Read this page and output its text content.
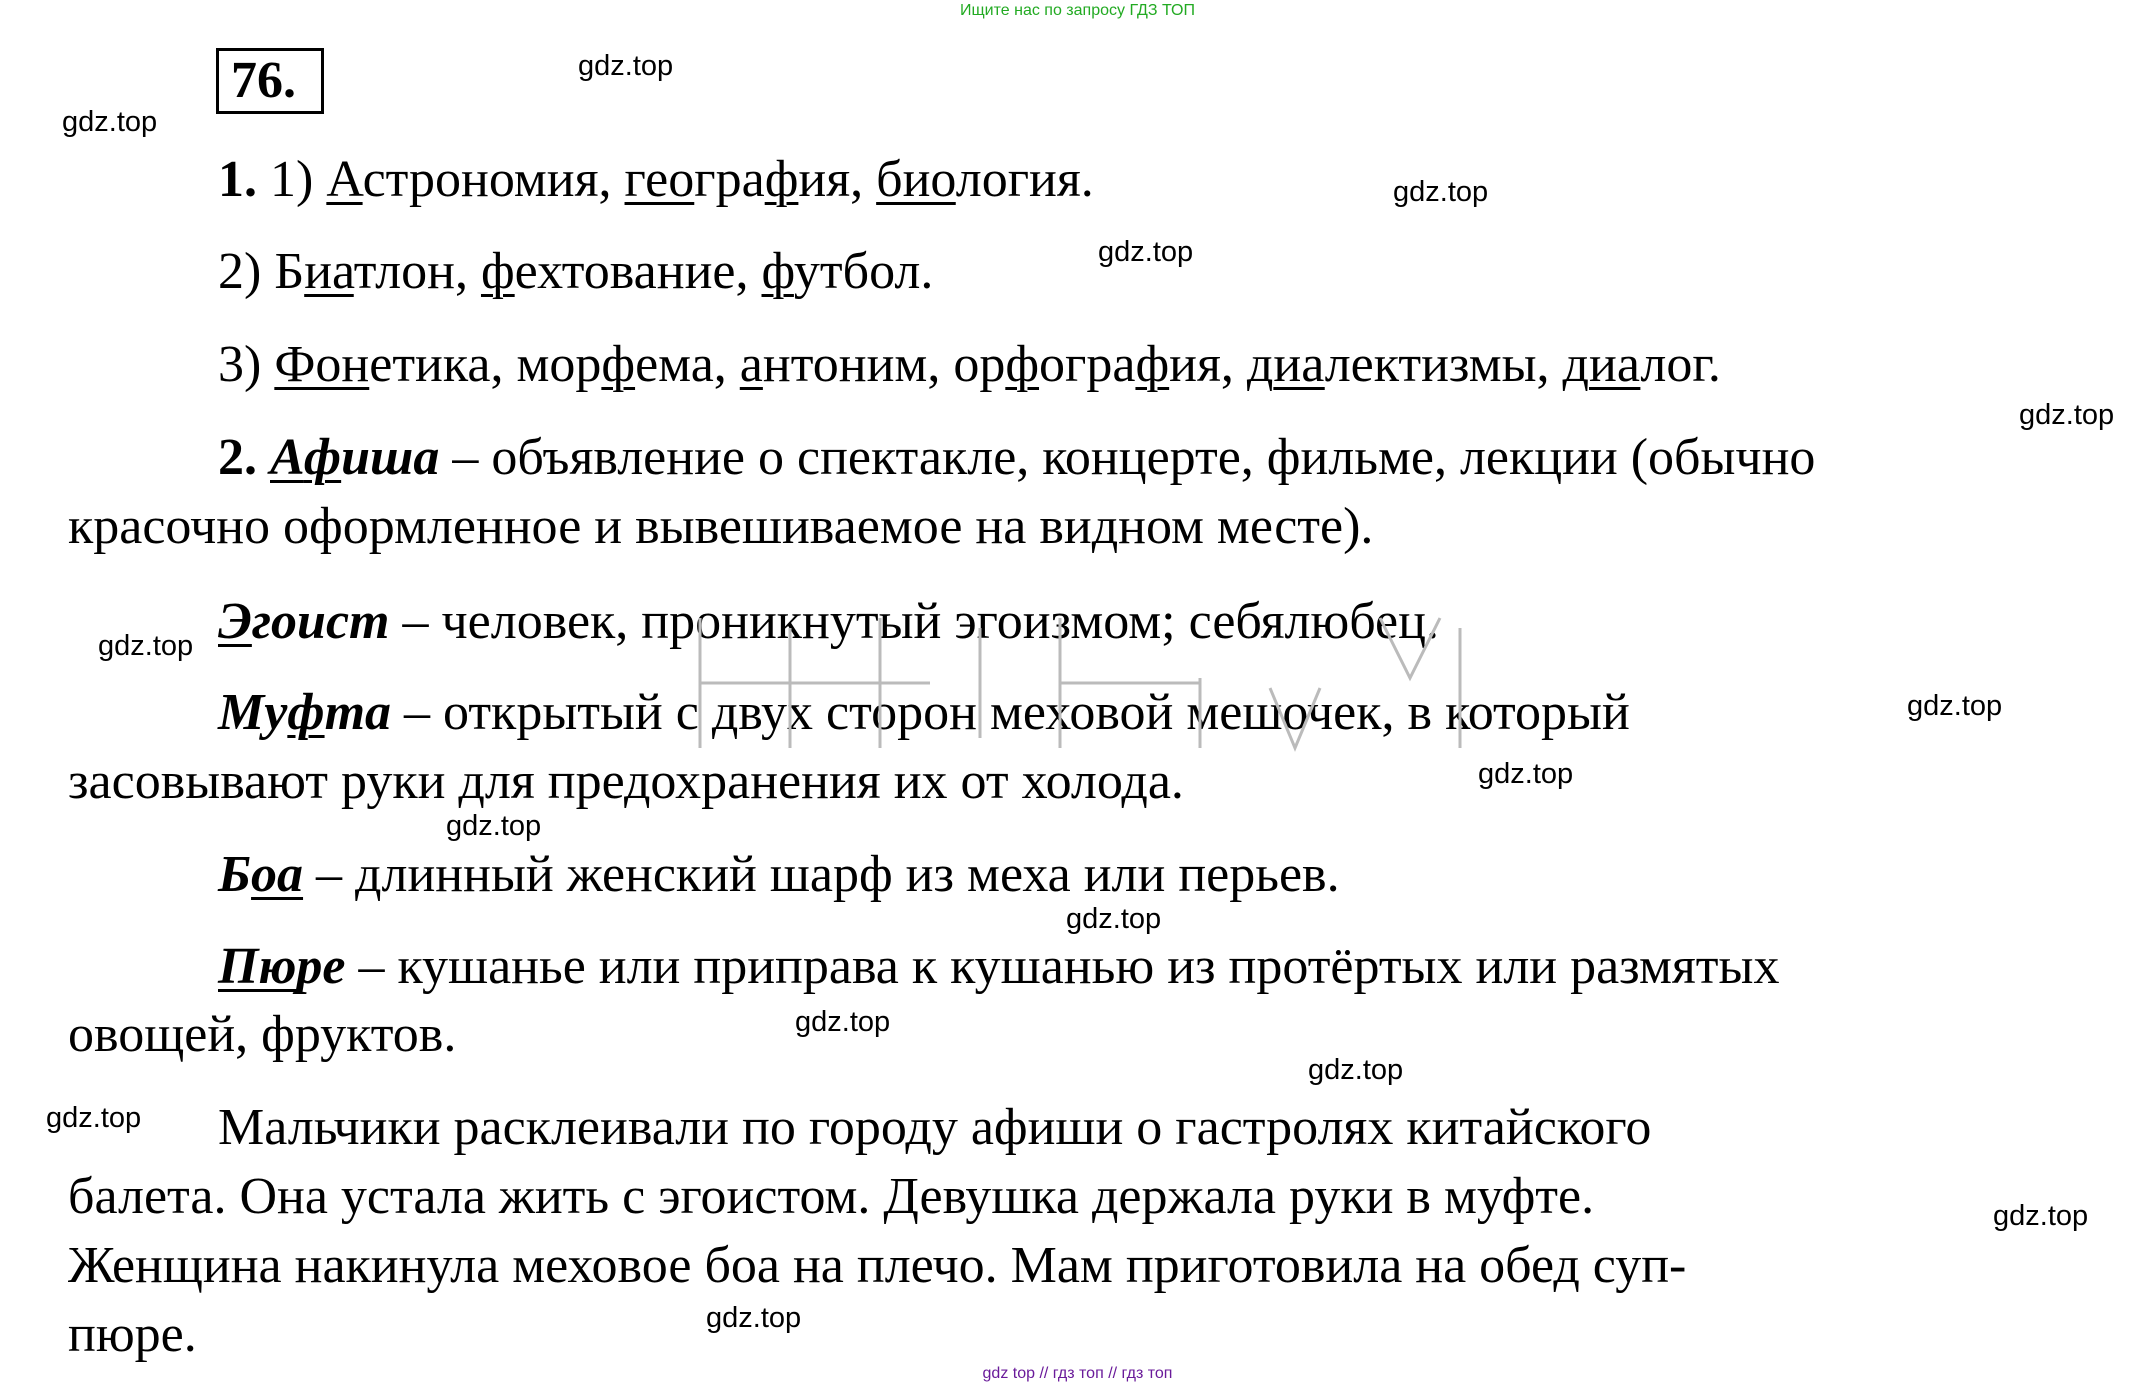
Ищите нас по запросу ГДЗ ТОП
76.
1. 1) Астрономия, география, биология.
2) Биатлон, фехтование, футбол.
3) Фонетика, морфема, антоним, орфография, диалектизмы, диалог.
2. Афиша – объявление о спектакле, концерте, фильме, лекции (обычно
красочно оформленное и вывешиваемое на видном месте).
Эгоист – человек, проникнутый эгоизмом; себялюбец.
Муфта – открытый с двух сторон меховой мешочек, в который
засовывают руки для предохранения их от холода.
Боа – длинный женский шарф из меха или перьев.
Пюре – кушанье или приправа к кушанью из протёртых или размятых
овощей, фруктов.
Мальчики расклеивали по городу афиши о гастролях китайского
балета. Она устала жить с эгоистом. Девушка держала руки в муфте.
Женщина накинула меховое боа на плечо. Мам приготовила на обед суп-
пюре.
gdz.top
gdz.top
gdz.top
gdz.top
gdz.top
gdz.top
gdz.top
gdz.top
gdz.top
gdz.top
gdz.top
gdz.top
gdz.top
gdz.top
gdz.top
gdz top // гдз топ // гдз топ
